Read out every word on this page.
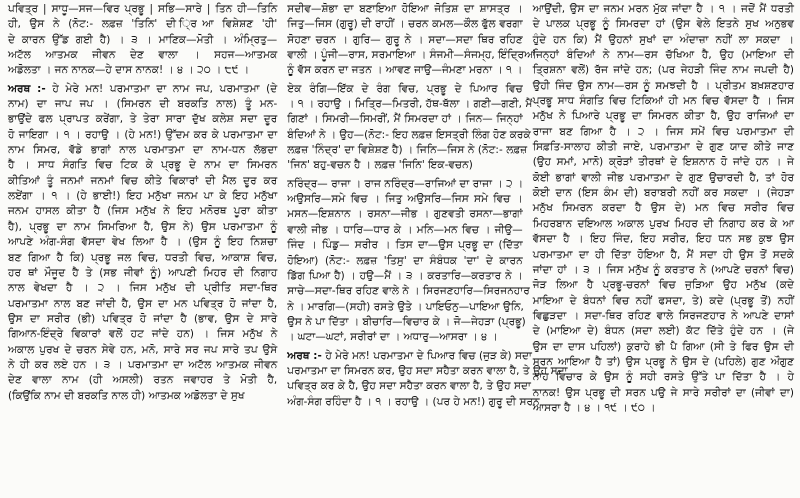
ਪਵਿਤ੍ਰ | ਸਾਧੂ—ਸਜ—ਵਿਰ ਪ੍ਰਭੂ | ਸਭਿ—ਸਾਰੇ | ਤਿਨ ਹੀ—ਤਿਨਿ
ਹੀ, ਉਸ ਨੇ (ਨੋਟ:- ਲਫ਼ਜ਼ 'ਤਿਨਿ' ਦੀ ੍ਰਿਆ ਵਿਸ਼ੇਸ਼ਣ 'ਹੀ'
ਦੇ ਕਾਰਨ ਉੱਡ ਗਈ ਹੈ) । ੩ । ਮਾਣਿਕ—ਮੋਤੀ । ਅੰਮ੍ਰਿਤੁ—
ਅਟੱਲ ਆਤਮਕ ਜੀਵਨ ਦੇਣ ਵਾਲਾ । ਸਹਜ—ਆਤਮਕ
ਅਡੋਲਤਾ । ਜਨ ਨਾਨਕ—ਹੇ ਦਾਸ ਨਾਨਕ! । ੪ । ੨੦ । ੮੯ ।
ਅਰਥ :- ਹੇ ਮੇਰੇ ਮਨ! ਪਰਮਾਤਮਾ ਦਾ ਨਾਮ ਜਪ, ਪਰਮਾਤਮਾ (ਦੇ
ਨਾਮ) ਦਾ ਜਾਪ ਜਪ । (ਸਿਮਰਨ ਦੀ ਬਰਕਤਿ ਨਾਲ) ਤੂੰ ਮਨ-
ਭਾਉਂਦੇ ਫਲ ਪ੍ਰਾਪਤ ਕਰੇਂਗਾ, ਤੇ ਤੇਰਾ ਸਾਰਾ ਦੁੱਖ ਕਲੇਸ਼ ਸਦਾ ਦੂਰ
ਹੋ ਜਾਇਗਾ । ੧ । ਰਹਾਉ । (ਹੇ ਮਨ!) ਉੱਦਮ ਕਰ ਕੇ ਪਰਮਾਤਮਾ ਦਾ
ਨਾਮ ਸਿਮਰ, ਵੱਡੇ ਭਾਗਾਂ ਨਾਲ ਪਰਮਾਤਮਾ ਦਾ ਨਾਮ-ਧਨ ਲੱਭਦਾ
ਹੈ । ਸਾਧ ਸੰਗਤਿ ਵਿਚ ਟਿਕ ਕੇ ਪ੍ਰਭੂ ਦੇ ਨਾਮ ਦਾ ਸਿਮਰਨ
ਕੀਤਿਆਂ ਤੂੰ ਜਨਮਾਂ ਜਨਮਾਂ ਵਿਚ ਕੀਤੇ ਵਿਕਾਰਾਂ ਦੀ ਮੈਲ ਦੂਰ ਕਰ
ਲਏਂਗਾ । ੧ । (ਹੇ ਭਾਈ!) ਇਹ ਮਨੁੱਖਾ ਜਨਮ ਪਾ ਕੇ ਇਹ ਮਨੁੱਖਾ
ਜਨਮ ਹਾਸਲ ਕੀਤਾ ਹੈ (ਜਿਸ ਮਨੁੱਖ ਨੇ ਇਹ ਮਨੋਰਥ ਪੂਰਾ ਕੀਤਾ
ਹੈ), ਪ੍ਰਭੂ ਦਾ ਨਾਮ ਸਿਮਰਿਆ ਹੈ, ਉਸ ਨੇ) ਉਸ ਪਰਮਾਤਮਾ ਨੂੰ
ਆਪਣੇ ਅੰਗ-ਸੰਗ ਵੱਸਦਾ ਵੇਖ ਲਿਆ ਹੈ । (ਉਸ ਨੂੰ ਇਹ ਨਿਸ਼ਚਾ
ਬਣ ਗਿਆ ਹੈ ਕਿ) ਪ੍ਰਭੂ ਜਲ ਵਿਚ, ਧਰਤੀ ਵਿਚ, ਆਕਾਸ਼ ਵਿਚ,
ਹਰ ਥਾਂ ਮੌਜੂਦ ਹੈ ਤੇ (ਸਭ ਜੀਵਾਂ ਨੂੰ) ਆਪਣੀ ਮਿਹਰ ਦੀ ਨਿਗਾਹ
ਨਾਲ ਵੇਖਦਾ ਹੈ । ੨ । ਜਿਸ ਮਨੁੱਖ ਦੀ ਪ੍ਰੀਤਿ ਸਦਾ-ਥਿਰ
ਪਰਮਾਤਮਾ ਨਾਲ ਬਣ ਜਾਂਦੀ ਹੈ, ਉਸ ਦਾ ਮਨ ਪਵਿਤ੍ਰ ਹੋ ਜਾਂਦਾ ਹੈ,
ਉਸ ਦਾ ਸਰੀਰ (ਭੀ) ਪਵਿਤ੍ਰ ਹੋ ਜਾਂਦਾ ਹੈ (ਭਾਵ, ਉਸ ਦੇ ਸਾਰੇ
ਗਿਆਨ-ਇੰਦ੍ਰੇ ਵਿਕਾਰਾਂ ਵਲੋਂ ਹਟ ਜਾਂਦੇ ਹਨ) । ਜਿਸ ਮਨੁੱਖ ਨੇ
ਅਕਾਲ ਪੁਰਖ ਦੇ ਚਰਨ ਸੇਵੇ ਹਨ, ਮਨੋ, ਸਾਰੇ ਸਰ ਜਪ ਸਾਰੇ ਤਪ ਉਸੇ
ਨੇ ਹੀ ਕਰ ਲਏ ਹਨ । ੩ । ਪਰਮਾਤਮਾ ਦਾ ਅਟੱਲ ਆਤਮਕ ਜੀਵਨ
ਦੇਣ ਵਾਲਾ ਨਾਮ (ਹੀ ਅਸਲੀ) ਰਤਨ ਜਵਾਹਰ ਤੇ ਮੋਤੀ ਹੈ,
(ਕਿਉਂਕਿ ਨਾਮ ਦੀ ਬਰਕਤਿ ਨਾਲ ਹੀ) ਆਤਮਕ ਅਡੋਲਤਾ ਦੇ ਸੁਖ
ਸਦੀਵ—ਸ਼ੋਭਾ ਦਾ ਬਣਾਇਆ ਹੋਇਆ ਜੋਤਿਸ਼ ਦਾ ਸ਼ਾਸਤ੍ਰ ।
ਜਿਤੁ—ਜਿਸ (ਗੁਰੂ) ਦੀ ਰਾਹੀਂ । ਚਰਨ ਕਮਲ—ਕੌਲ ਫੁੱਲ ਵਰਗਾ
ਸੋਹਣਾ ਚਰਨ । ਗੁਰਿ— ਗੁਰੂ ਨੇ । ਸਦਾ—ਸਦਾ ਥਿਰ ਰਹਿਣ
ਵਾਲੀ । ਪੂੰਜੀ—ਰਾਸ, ਸਰਮਾਇਆ । ਸੰਜਮੀ—ਸੰਜਮ੍ਹ, ਇੰਦ੍ਰਿਆਂ
ਨੂੰ ਵੱਸ ਕਰਨ ਦਾ ਜਤਨ । ਆਵਣ ਜਾਉ—ਜੰਮਣਾ ਮਰਨਾ । ੧ ।
ਏਕ ਰੰਗਿ—ਇੱਕ ਦੇ ਰੰਗ ਵਿਚ, ਪ੍ਰਭੂ ਦੇ ਪਿਆਰ ਵਿਚ
। ੧ । ਰਹਾਉ । ਮਿਤ੍ਰਿ—ਮਿਤਰੀ, ਹੱਥ-ਥੱਲਾ । ਗਣੀ—ਗਣੀ, ਮੈਂ
ਗਿਣਾਂ । ਸਿਮਰੀ—ਸਿਮਰੀਂ, ਮੈਂ ਸਿਮਰਦਾ ਹਾਂ । ਜਿਨ— ਜਿਨ੍ਹਾਂ
ਬੰਦਿਆਂ ਨੇ । ਉਹ—(ਨੋਟ:- ਇਹ ਲਫ਼ਜ਼ ਇਸਤ੍ਰੀ ਲਿੰਗ ਹੋਣ ਕਰਕੇ
ਲਫ਼ਜ਼ 'ਨਿੰਦ੍ਰ' ਦਾ ਵਿਸ਼ੇਸ਼ਣ ਹੈ) । ਜਿਨਿ—ਜਿਸ ਨੇ (ਨੋਟ:- ਲਫ਼ਜ਼
'ਜਿਨ' ਬਹੁ-ਵਚਨ ਹੈ । ਲਫ਼ਜ਼ 'ਜਿਨਿ' ਇਕ-ਵਚਨ)
ਨਰਿੰਦ੍ਰ— ਰਾਜਾ । ਰਾਜ ਨਰਿੰਦ੍ਰ—ਰਾਜਿਆਂ ਦਾ ਰਾਜਾ । ੨ ।
ਅਉਸਰਿ—ਸਮੇ ਵਿਚ । ਜਿਤੁ ਅਉਸਰਿ—ਜਿਸ ਸਮੇ ਵਿਚ ।
ਮਸਨ—ਇਸ਼ਨਾਨ । ਰਸਨਾ—ਜੀਭ । ਗੁਣਵਤੀ ਰਸਨਾ—ਭਾਗਾਂ
ਵਾਲੀ ਜੀਭ । ਧਾਰਿ—ਧਾਰ ਕੇ । ਮਨਿ—ਮਨ ਵਿਚ । ਜੀਉ—
ਜਿੰਦ । ਪਿੰਡੁ— ਸਰੀਰ । ਤਿਸ ਦਾ—ਉਸ ਪ੍ਰਭੂ ਦਾ (ਦਿੱਤਾ
ਹੋਇਆ) (ਨੋਟ:- ਲਫ਼ਜ਼ 'ਤਿਸੁ' ਦਾ ਸੰਬੰਧਕ 'ਦਾ' ਦੇ ਕਾਰਨ
ਡਿੱਗ ਪਿਆ ਹੈ) । ਹਉ—ਮੈਂ । ੩ । ਕਰਤਾਰਿ—ਕਰਤਾਰ ਨੇ ।
ਸਾਚੇ—ਸਦਾ-ਥਿਰ ਰਹਿਣ ਵਾਲੇ ਨੇ । ਸਿਰਜਣਹਾਰਿ—ਸਿਰਜਨਹਾਰ
ਨੇ । ਮਾਰਗਿ—(ਸਹੀ) ਰਸਤੇ ਉਤੇ । ਪਾਇਓਨੁ—ਪਾਇਆ ਉਨਿ,
ਉਸ ਨੇ ਪਾ ਦਿੱਤਾ । ਬੀਚਾਰਿ—ਵਿਚਾਰ ਕੇ । ਜੋ—ਜੇਹੜਾ (ਪ੍ਰਭੂ)
। ਘਟਾ—ਘਟਾਂ, ਸਰੀਰਾਂ ਦਾ । ਅਧਾਰੁ—ਆਸਰਾ । ੪ ।
ਅਰਥ :- ਹੇ ਮੇਰੇ ਮਨ! ਪਰਮਾਤਮਾ ਦੇ ਪਿਆਰ ਵਿਚ (ਜੁੜ ਕੇ) ਸਦਾ
ਪਰਮਾਤਮਾ ਦਾ ਸਿਮਰਨ ਕਰ, ਉਹ ਸਦਾ ਸਹੈਤਾ ਕਰਨ ਵਾਲਾ ਹੈ, ਤੇ ਉਹ ਸਦਾ
ਪਵਿਤ੍ਰ ਕਰ ਕੇ ਹੈ, ਉਹ ਸਦਾ ਸਹੈਤਾ ਕਰਨ ਵਾਲਾ ਹੈ, ਤੇ ਉਹ ਸਦਾ
ਅੰਗ-ਸੰਗ ਰਹਿੰਦਾ ਹੈ । ੧ । ਰਹਾਉ । (ਪਰ ਹੇ ਮਨ!) ਗੁਰੂ ਦੀ ਸਰਨ
ਆਉਂਦੀ, ਉਸ ਦਾ ਜਨਮ ਮਰਨ ਮੁੱਕ ਜਾਂਦਾ ਹੈ । ੧ । ਜਦੋਂ ਮੈਂ ਧਰਤੀ
ਦੇ ਪਾਲਕ ਪ੍ਰਭੂ ਨੂੰ ਸਿਮਰਦਾ ਹਾਂ (ਉਸ ਵੇਲੇ ਇਤਨੇ ਸੁਖ ਅਨੁਭਵ
ਹੁੰਦੇ ਹਨ ਕਿ) ਮੈਂ ਉਹਨਾਂ ਸੁਖਾਂ ਦਾ ਅੰਦਾਜ਼ਾ ਨਹੀਂ ਲਾ ਸਕਦਾ ।
ਜਿਨ੍ਹਾਂ ਬੰਦਿਆਂ ਨੇ ਨਾਮ—ਰਸ ਚੱਖਿਆ ਹੈ, ਉਹ (ਮਾਇਆ ਦੀ
ਤ੍ਰਿਸ਼ਨਾ ਵਲੋਂ) ਰੱਜ ਜਾਂਦੇ ਹਨ; (ਪਰ ਜੇਹੜੀ ਜਿੰਦ ਨਾਮ ਜਪਦੀ ਹੈ)
ਉਹੀ ਜਿੰਦ ਉਸ ਨਾਮ—ਰਸ ਨੂੰ ਸਮਝਦੀ ਹੈ । ਪ੍ਰੀਤਮ ਬਖ਼ਸ਼ਣਹਾਰ
ਪ੍ਰਭੂ ਸਾਧ ਸੰਗਤਿ ਵਿਚ ਟਿਕਿਆਂ ਹੀ ਮਨ ਵਿਚ ਵੱਸਦਾ ਹੈ । ਜਿਸ
ਮਨੁੱਖ ਨੇ ਪਿਆਰੇ ਪ੍ਰਭੂ ਦਾ ਸਿਮਰਨ ਕੀਤਾ ਹੈ, ਉਹ ਰਾਜਿਆਂ ਦਾ
ਰਾਜਾ ਬਣ ਗਿਆ ਹੈ । ੨ । ਜਿਸ ਸਮੇਂ ਵਿਚ ਪਰਮਾਤਮਾ ਦੀ
ਸਿਫ਼ਤਿ-ਸਾਲਾਹ ਕੀਤੀ ਜਾਏ, ਪਰਮਾਤਮਾ ਦੇ ਗੁਣ ਯਾਦ ਕੀਤੇ ਜਾਣ
(ਉਹ ਸਮਾਂ, ਮਾਨੋ) ਕ੍ਰੋੜਾਂ ਤੀਰਥਾਂ ਦੇ ਇਸ਼ਨਾਨ ਹੋ ਜਾਂਦੇ ਹਨ । ਜੇ
ਕੋਈ ਭਾਗਾਂ ਵਾਲੀ ਜੀਭ ਪਰਮਾਤਮਾ ਦੇ ਗੁਣ ਉਚਾਰਦੀ ਹੈ, ਤਾਂ ਹੋਰ
ਕੋਈ ਦਾਨ (ਇਸ ਕੰਮ ਦੀ) ਬਰਾਬਰੀ ਨਹੀਂ ਕਰ ਸਕਦਾ । (ਜੇਹੜਾ
ਮਨੁੱਖ ਸਿਮਰਨ ਕਰਦਾ ਹੈ ਉਸ ਦੇ) ਮਨ ਵਿਚ ਸਰੀਰ ਵਿਚ
ਮਿਹਰਬਾਨ ਦਇਆਲ ਅਕਾਲ ਪੁਰਖ ਮਿਹਰ ਦੀ ਨਿਗਾਹ ਕਰ ਕੇ ਆ
ਵੱਸਦਾ ਹੈ । ਇਹ ਜਿੰਦ, ਇਹ ਸਰੀਰ, ਇਹ ਧਨ ਸਭ ਕੁਝ ਉਸ
ਪਰਮਾਤਮਾ ਦਾ ਹੀ ਦਿੱਤਾ ਹੋਇਆ ਹੈ, ਮੈਂ ਸਦਾ ਹੀ ਉਸ ਤੋਂ ਸਦਕੇ
ਜਾਂਦਾ ਹਾਂ । ੩ । ਜਿਸ ਮਨੁੱਖ ਨੂੰ ਕਰਤਾਰ ਨੇ (ਆਪਣੇ ਚਰਨਾਂ ਵਿਚ)
ਜੋੜ ਲਿਆ ਹੈ ਪ੍ਰਭੂ-ਚਰਨਾਂ ਵਿਚ ਜੁੜਿਆ ਉਹ ਮਨੁੱਖ (ਕਦੇ
ਮਾਇਆ ਦੇ ਬੰਧਨਾਂ ਵਿਚ ਨਹੀਂ ਫਸਦਾ, ਤੇ) ਕਦੇ (ਪ੍ਰਭੂ ਤੋਂ) ਨਹੀਂ
ਵਿਛੁੜਦਾ । ਸਦਾ-ਥਿਰ ਰਹਿਣ ਵਾਲੇ ਸਿਰਜਣਹਾਰ ਨੇ ਆਪਣੇ ਦਾਸਾਂ
ਦੇ (ਮਾਇਆ ਦੇ) ਬੰਧਨ (ਸਦਾ ਲਈ) ਕੱਟ ਦਿੱਤੇ ਹੁੰਦੇ ਹਨ । (ਜੇ
ਉਸ ਦਾ ਦਾਸ ਪਹਿਲਾਂ) ਕੁਰਾਹੇ ਭੀ ਪੈ ਗਿਆ (ਸੀ ਤੇ ਫਿਰ ਉਸ ਦੀ
ਸਰਨ ਆਇਆ ਹੈ ਤਾਂ) ਉਸ ਪ੍ਰਭੂ ਨੇ ਉਸ ਦੇ (ਪਹਿਲੇ) ਗੁਣ ਔਗੁਣ
ਨਾਹ ਵਿਚਾਰ ਕੇ ਉਸ ਨੂੰ ਸਹੀ ਰਸਤੇ ਉੱਤੇ ਪਾ ਦਿੱਤਾ ਹੈ । ਹੇ
ਨਾਨਕ! ਉਸ ਪ੍ਰਭੂ ਦੀ ਸਰਨ ਪਉ ਜੇ ਸਾਰੇ ਸਰੀਰਾਂ ਦਾ (ਜੀਵਾਂ ਦਾ)
ਆਸਰਾ ਹੈ । ੪ । ੧੯ । ੯੦ ।
